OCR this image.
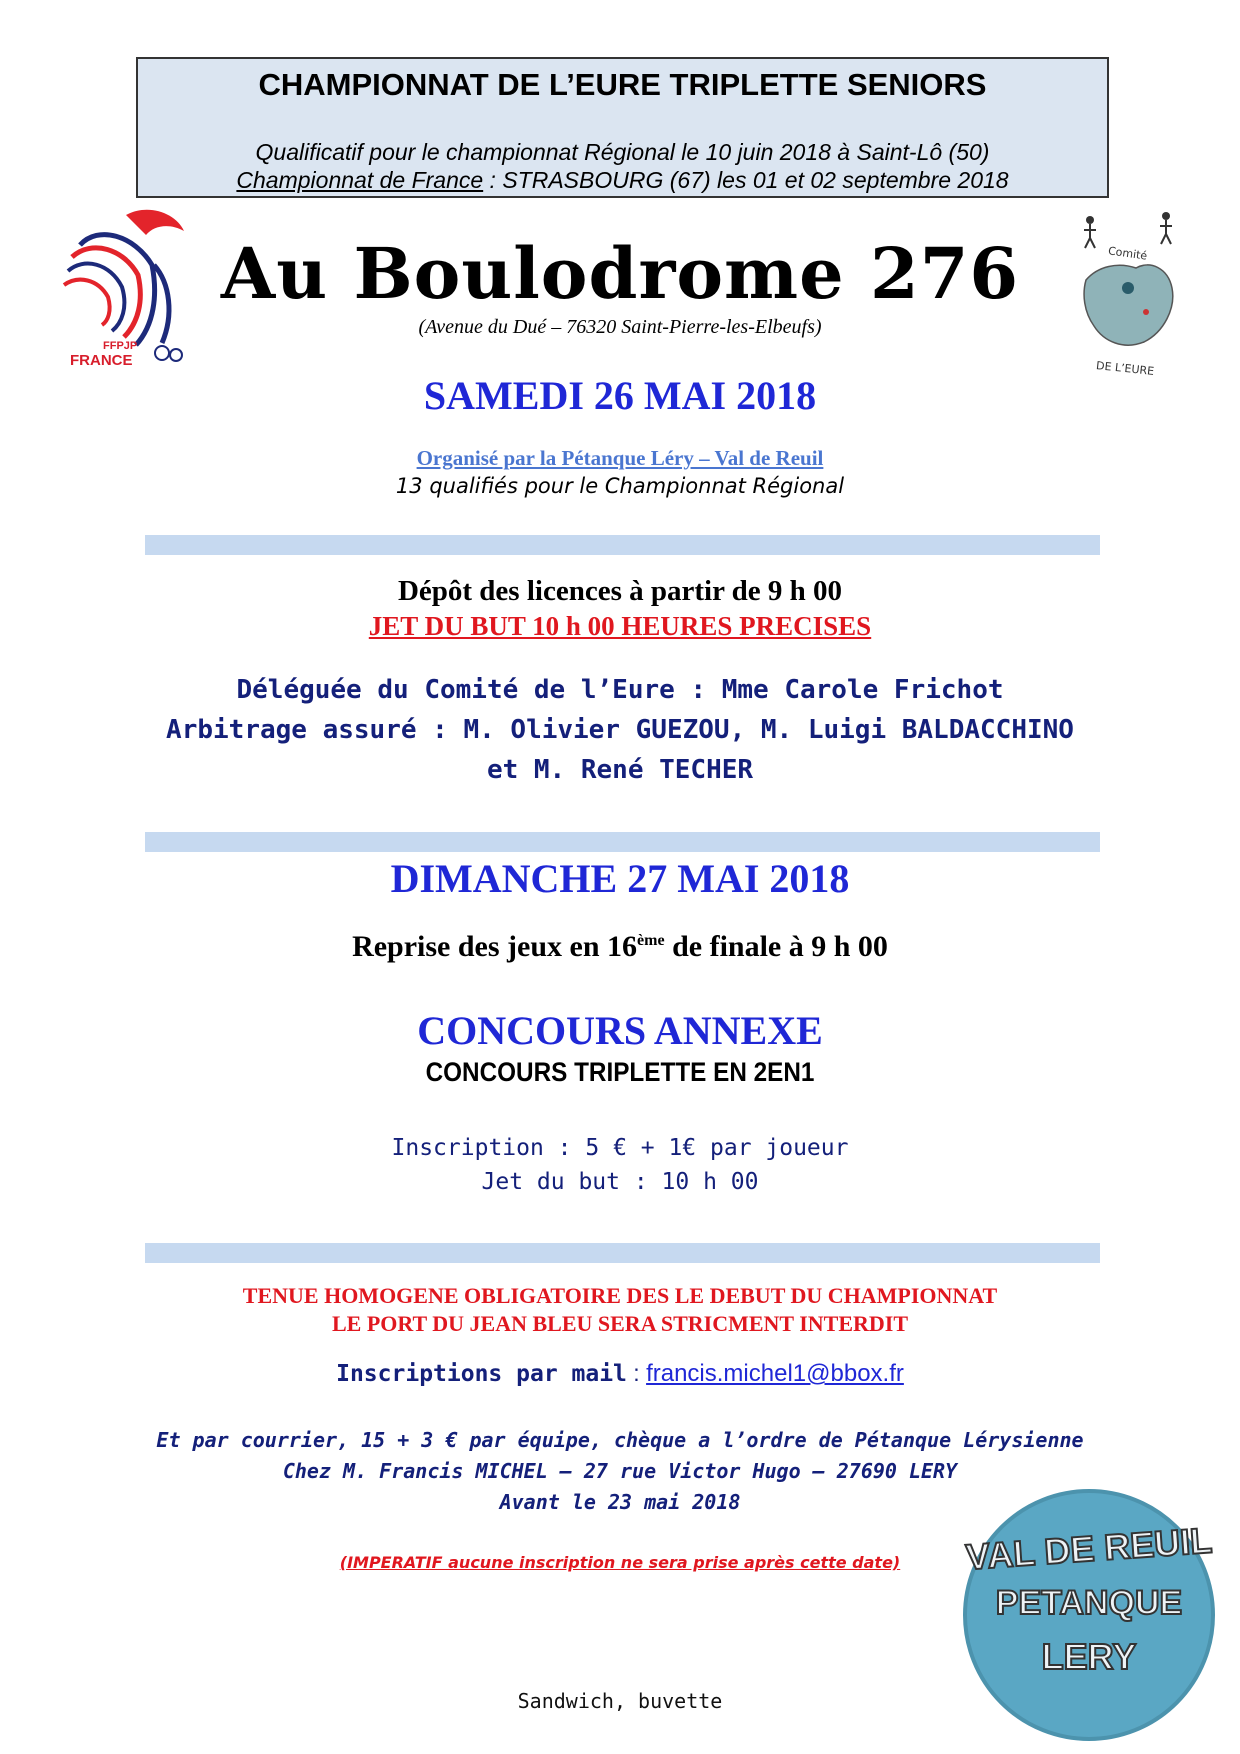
CHAMPIONNAT DE L’EURE TRIPLETTE SENIORS
Qualificatif pour le championnat Régional le 10 juin 2018 à Saint-Lô (50)
Championnat de France : STRASBOURG (67) les 01 et 02 septembre 2018
FFPJP
FRANCE
Comité
DE L’EURE
Au Boulodrome 276
(Avenue du Dué – 76320 Saint-Pierre-les-Elbeufs)
SAMEDI 26 MAI 2018
Organisé par la Pétanque Léry – Val de Reuil
13 qualifiés pour le Championnat Régional
Dépôt des licences à partir de 9 h 00
JET DU BUT 10 h 00 HEURES PRECISES
Déléguée du Comité de l’Eure : Mme Carole Frichot
Arbitrage assuré : M. Olivier GUEZOU, M. Luigi BALDACCHINO
et M. René TECHER
DIMANCHE 27 MAI 2018
Reprise des jeux en 16ème de finale à 9 h 00
CONCOURS ANNEXE
CONCOURS TRIPLETTE EN 2EN1
Inscription : 5 € + 1€ par joueur
Jet du but : 10 h 00
TENUE HOMOGENE OBLIGATOIRE DES LE DEBUT DU CHAMPIONNAT
LE PORT DU JEAN BLEU SERA STRICMENT INTERDIT
Inscriptions par mail : francis.michel1@bbox.fr
Et par courrier, 15 + 3 € par équipe, chèque a l’ordre de Pétanque Lérysienne
Chez M. Francis MICHEL – 27 rue Victor Hugo – 27690 LERY
Avant le 23 mai 2018
(IMPERATIF aucune inscription ne sera prise après cette date)	VAL DE REUIL
PETANQUE
LERY
Sandwich, buvette
